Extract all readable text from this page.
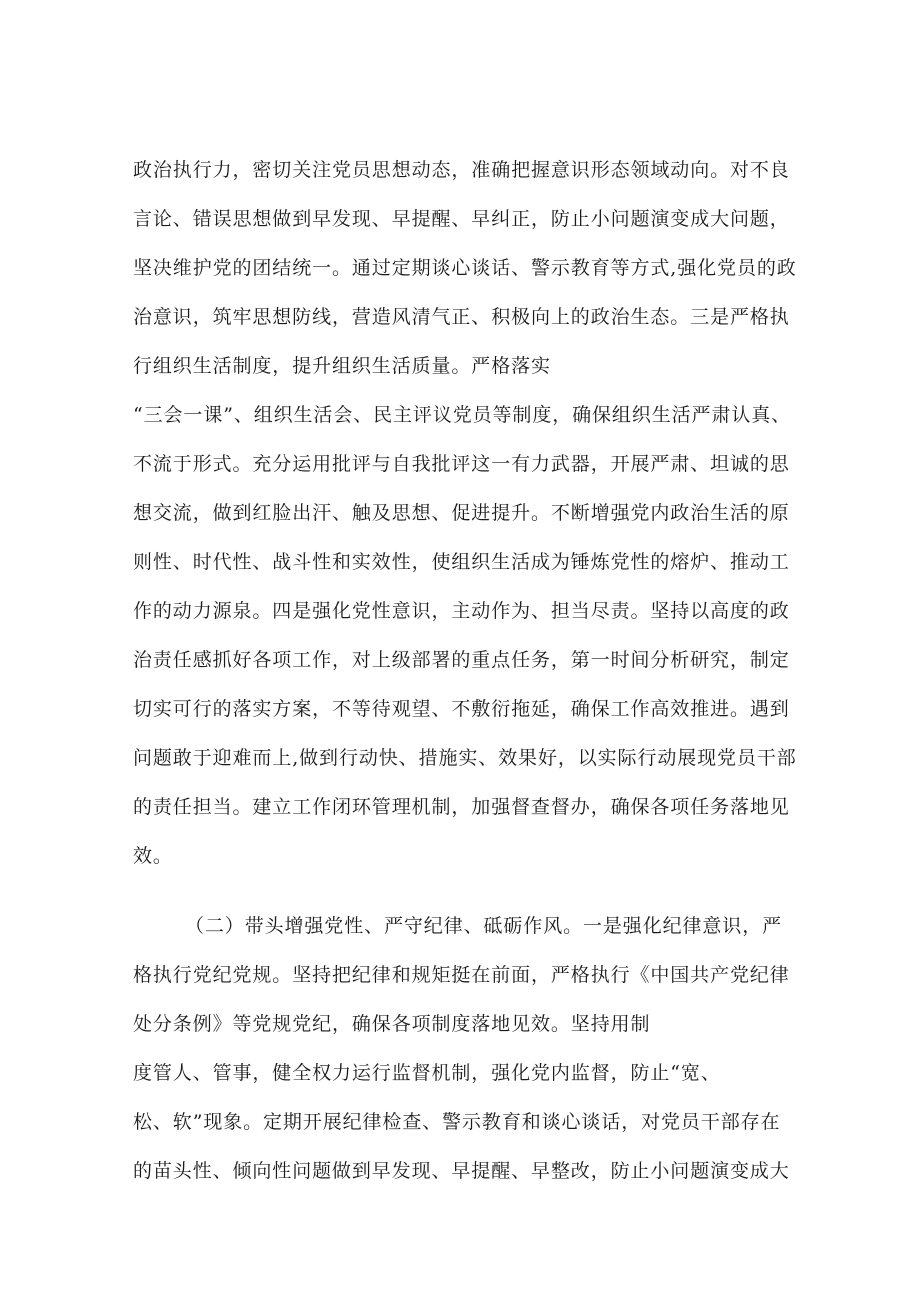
政治执行力，密切关注党员思想动态，准确把握意识形态领域动向。对不良
言论、错误思想做到早发现、早提醒、早纠正，防止小问题演变成大问题，
坚决维护党的团结统一。通过定期谈心谈话、警示教育等方式,强化党员的政
治意识，筑牢思想防线，营造风清气正、积极向上的政治生态。三是严格执
行组织生活制度，提升组织生活质量。严格落实
“三会一课”、组织生活会、民主评议党员等制度，确保组织生活严肃认真、
不流于形式。充分运用批评与自我批评这一有力武器，开展严肃、坦诚的思
想交流，做到红脸出汗、触及思想、促进提升。不断增强党内政治生活的原
则性、时代性、战斗性和实效性，使组织生活成为锤炼党性的熔炉、推动工
作的动力源泉。四是强化党性意识，主动作为、担当尽责。坚持以高度的政
治责任感抓好各项工作，对上级部署的重点任务，第一时间分析研究，制定
切实可行的落实方案，不等待观望、不敷衍拖延，确保工作高效推进。遇到
问题敢于迎难而上,做到行动快、措施实、效果好，以实际行动展现党员干部
的责任担当。建立工作闭环管理机制，加强督查督办，确保各项任务落地见
效。
（二）带头增强党性、严守纪律、砥砺作风。一是强化纪律意识，严
格执行党纪党规。坚持把纪律和规矩挺在前面，严格执行《中国共产党纪律
处分条例》等党规党纪，确保各项制度落地见效。坚持用制
度管人、管事，健全权力运行监督机制，强化党内监督，防止“宽、
松、软”现象。定期开展纪律检查、警示教育和谈心谈话，对党员干部存在
的苗头性、倾向性问题做到早发现、早提醒、早整改，防止小问题演变成大
